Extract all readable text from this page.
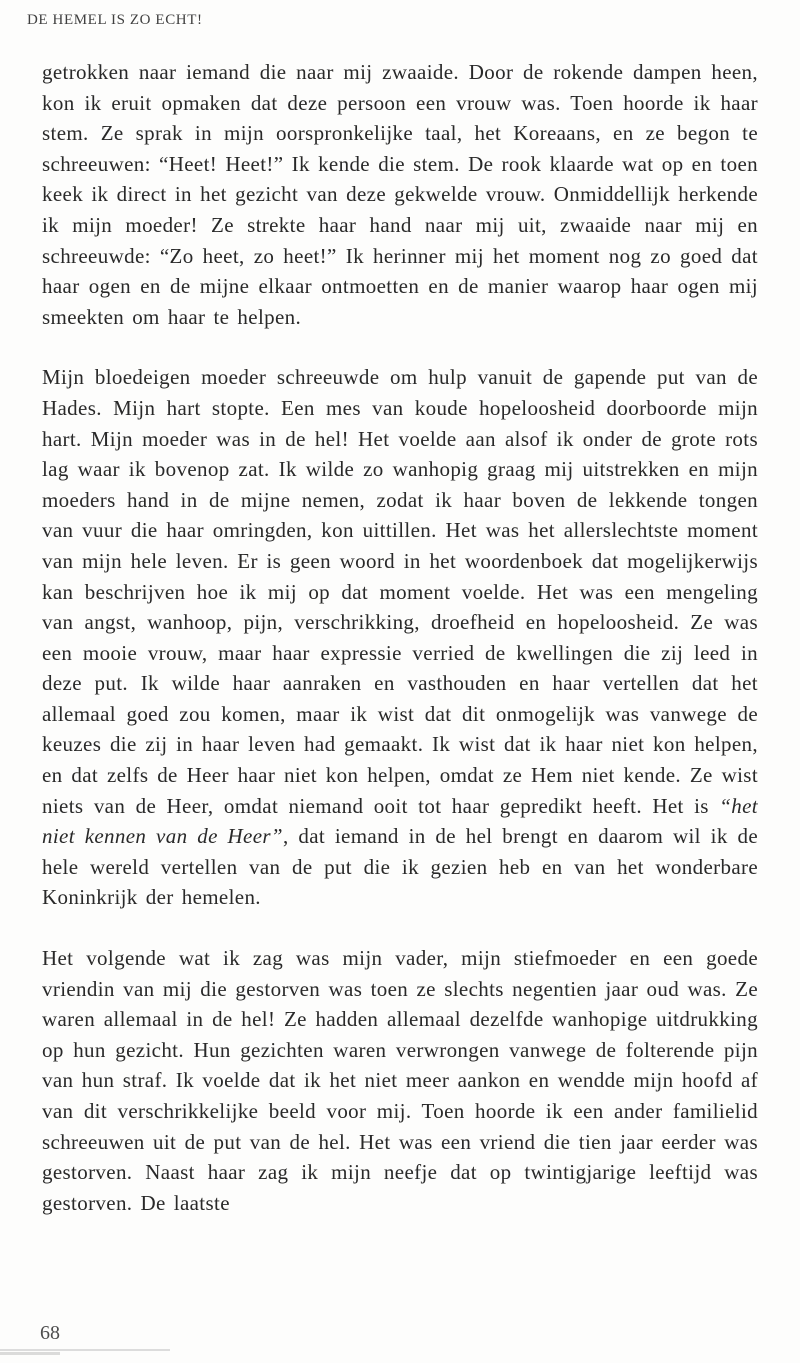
DE HEMEL IS ZO ECHT!

getrokken naar iemand die naar mij zwaaide. Door de rokende dampen heen, kon ik eruit opmaken dat deze persoon een vrouw was. Toen hoorde ik haar stem. Ze sprak in mijn oorspronkelijke taal, het Koreaans, en ze begon te schreeuwen: “Heet! Heet!” Ik kende die stem. De rook klaarde wat op en toen keek ik direct in het gezicht van deze gekwelde vrouw. Onmiddellijk herkende ik mijn moeder! Ze strekte haar hand naar mij uit, zwaaide naar mij en schreeuwde: “Zo heet, zo heet!” Ik herinner mij het moment nog zo goed dat haar ogen en de mijne elkaar ontmoetten en de manier waarop haar ogen mij smeekten om haar te helpen.

Mijn bloedeigen moeder schreeuwde om hulp vanuit de gapende put van de Hades. Mijn hart stopte. Een mes van koude hopeloosheid doorboorde mijn hart. Mijn moeder was in de hel! Het voelde aan alsof ik onder de grote rots lag waar ik bovenop zat. Ik wilde zo wanhopig graag mij uitstrekken en mijn moeders hand in de mijne nemen, zodat ik haar boven de lekkende tongen van vuur die haar omringden, kon uittillen. Het was het allerslechtste moment van mijn hele leven. Er is geen woord in het woordenboek dat mogelijkerwijs kan beschrijven hoe ik mij op dat moment voelde. Het was een mengeling van angst, wanhoop, pijn, verschrikking, droefheid en hopeloosheid. Ze was een mooie vrouw, maar haar expressie verried de kwellingen die zij leed in deze put. Ik wilde haar aanraken en vasthouden en haar vertellen dat het allemaal goed zou komen, maar ik wist dat dit onmogelijk was vanwege de keuzes die zij in haar leven had gemaakt. Ik wist dat ik haar niet kon helpen, en dat zelfs de Heer haar niet kon helpen, omdat ze Hem niet kende. Ze wist niets van de Heer, omdat niemand ooit tot haar gepredikt heeft. Het is “het niet kennen van de Heer”, dat iemand in de hel brengt en daarom wil ik de hele wereld vertellen van de put die ik gezien heb en van het wonderbare Koninkrijk der hemelen.

Het volgende wat ik zag was mijn vader, mijn stiefmoeder en een goede vriendin van mij die gestorven was toen ze slechts negentien jaar oud was. Ze waren allemaal in de hel! Ze hadden allemaal dezelfde wanhopige uitdrukking op hun gezicht. Hun gezichten waren verwrongen vanwege de folterende pijn van hun straf. Ik voelde dat ik het niet meer aankon en wendde mijn hoofd af van dit verschrikkelijke beeld voor mij. Toen hoorde ik een ander familielid schreeuwen uit de put van de hel. Het was een vriend die tien jaar eerder was gestorven. Naast haar zag ik mijn neefje dat op twintigjarige leeftijd was gestorven. De laatste

68
